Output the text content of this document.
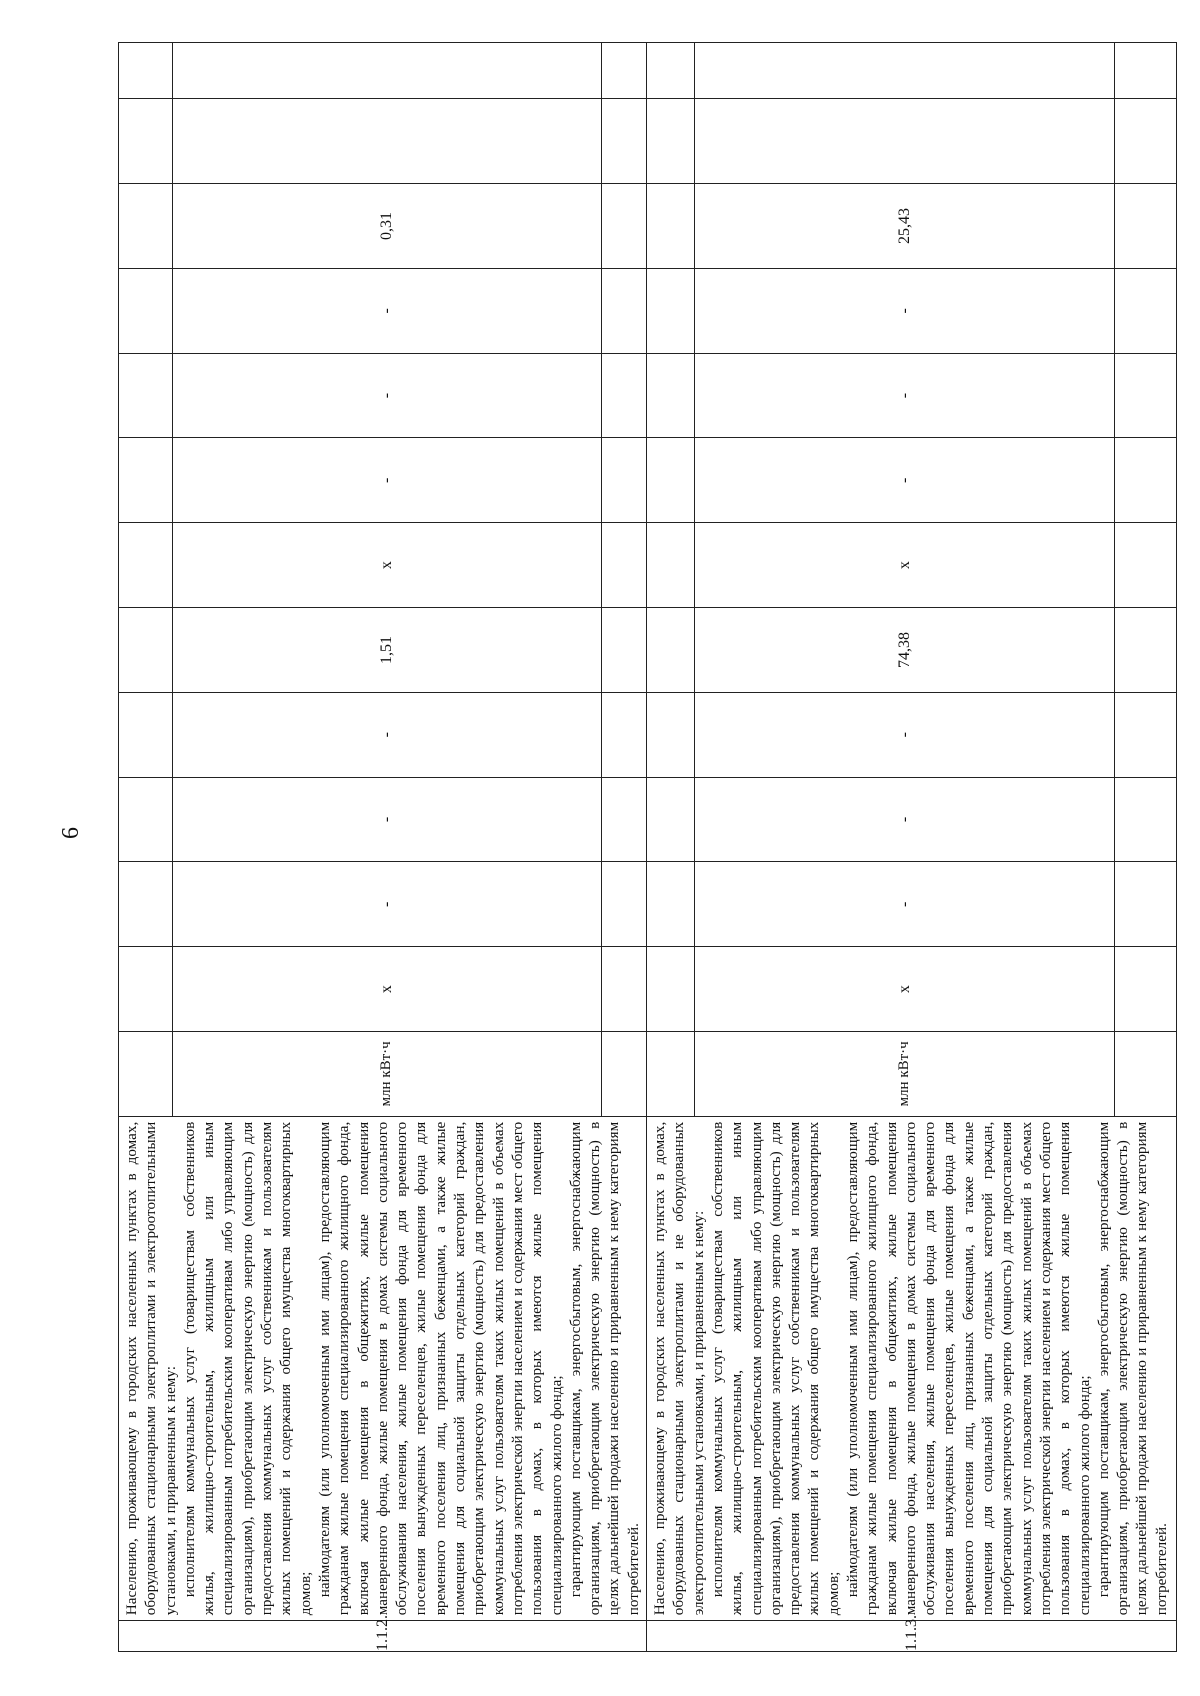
6
1.1.2.	Населению, проживающему в городских населенных пунктах в домах, оборудованных стационарными электроплитами и электроотопительными установками, и приравненным к нему: исполнителям коммунальных услуг (товариществам собственников жилья, жилищно-строительным, жилищным или иным специализированным потребительским кооперативам либо управляющим организациям), приобретающим электрическую энергию (мощность) для предоставления коммунальных услуг собственникам и пользователям жилых помещений и содержания общего имущества многоквартирных домов; наймодателям (или уполномоченным ими лицам), предоставляющим гражданам жилые помещения специализированного жилищного фонда, включая жилые помещения в общежитиях, жилые помещения маневренного фонда, жилые помещения в домах системы социального обслуживания населения, жилые помещения фонда для временного поселения вынужденных переселенцев, жилые помещения фонда для временного поселения лиц, признанных беженцами, а также жилые помещения для социальной защиты отдельных категорий граждан, приобретающим электрическую энергию (мощность) для предоставления коммунальных услуг пользователям таких жилых помещений в объемах потребления электрической энергии населением и содержания мест общего пользования в домах, в которых имеются жилые помещения специализированного жилого фонда; гарантирующим поставщикам, энергосбытовым, энергоснабжающим организациям, приобретающим электрическую энергию (мощность) в целях дальнейшей продажи населению и приравненным к нему категориям потребителей.													

		млн кВт·ч	х	-	-	-	1,51	х	-	-	-	0,31		

1.1.3.	Населению, проживающему в городских населенных пунктах в домах, оборудованных стационарными электроплитами и не оборудованных электроотопительными установками, и приравненным к нему: исполнителям коммунальных услуг (товариществам собственников жилья, жилищно-строительным, жилищным или иным специализированным потребительским кооперативам либо управляющим организациям), приобретающим электрическую энергию (мощность) для предоставления коммунальных услуг собственникам и пользователям жилых помещений и содержания общего имущества многоквартирных домов; наймодателям (или уполномоченным ими лицам), предоставляющим гражданам жилые помещения специализированного жилищного фонда, включая жилые помещения в общежитиях, жилые помещения маневренного фонда, жилые помещения в домах системы социального обслуживания населения, жилые помещения фонда для временного поселения вынужденных переселенцев, жилые помещения фонда для временного поселения лиц, признанных беженцами, а также жилые помещения для социальной защиты отдельных категорий граждан, приобретающим электрическую энергию (мощность) для предоставления коммунальных услуг пользователям таких жилых помещений в объемах потребления электрической энергии населением и содержания мест общего пользования в домах, в которых имеются жилые помещения специализированного жилого фонда; гарантирующим поставщикам, энергосбытовым, энергоснабжающим организациям, приобретающим электрическую энергию (мощность) в целях дальнейшей продажи населению и приравненным к нему категориям потребителей.													

		млн кВт·ч	х	-	-	-	74,38	х	-	-	-	25,43		
